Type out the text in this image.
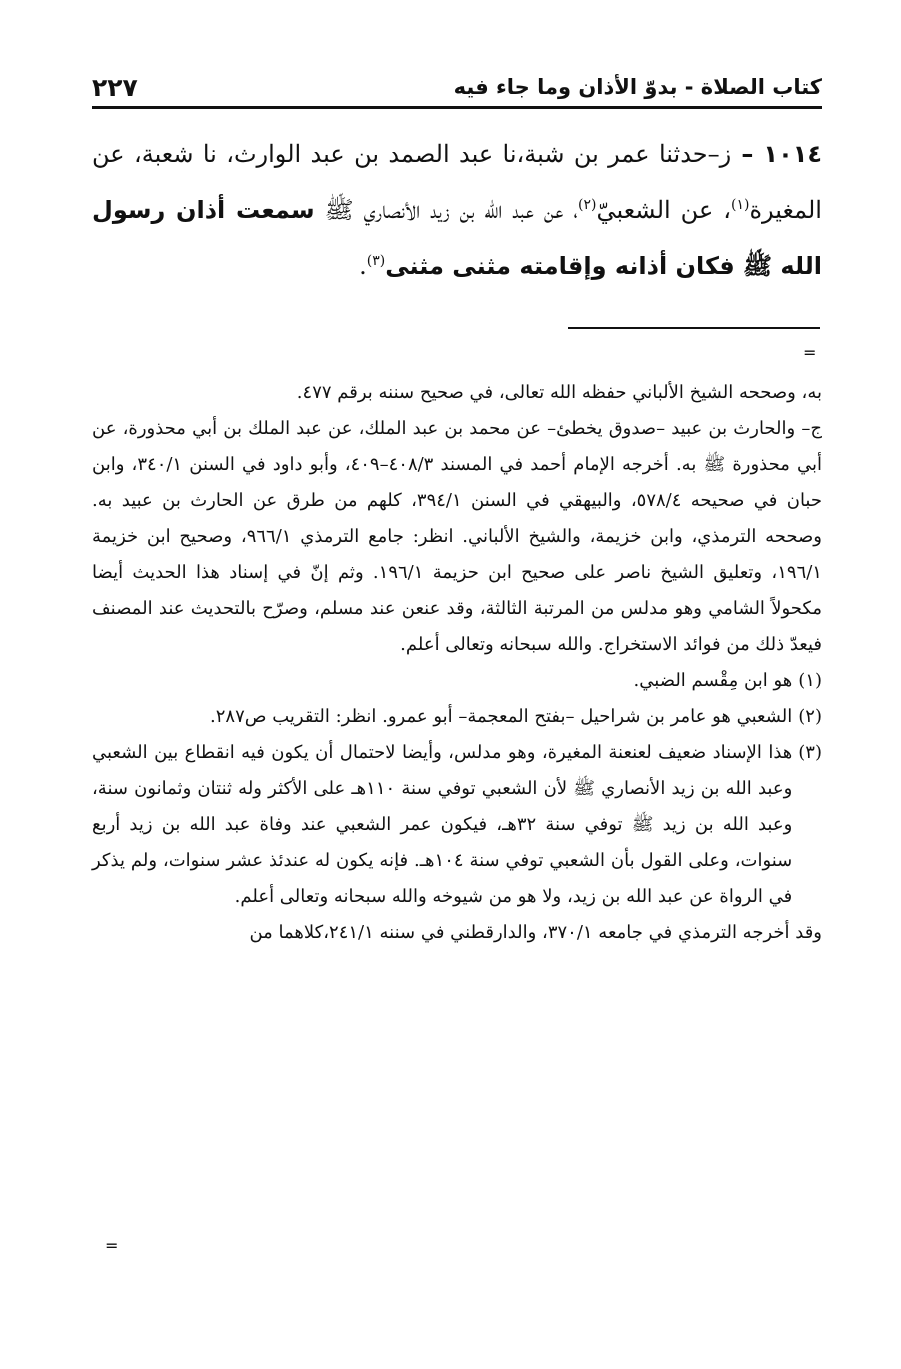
كتاب الصلاة - بدوّ الأذان وما جاء فيه
٢٢٧

١٠١٤ – ز–حدثنا عمر بن شبة،نا عبد الصمد بن عبد الوارث، نا شعبة، عن المغيرة$^{(١)}$، عن الشعبيّ$^{(٢)}$، عن عبد الله بن زيد الأنصاري ﷺ سمعت أذان رسول الله ﷺ فكان أذانه وإقامته مثنى مثنى$^{(٣)}$.

=

به، وصححه الشيخ الألباني حفظه الله تعالى، في صحيح سننه برقم ٤٧٧.

ج– والحارث بن عبيد –صدوق يخطئ– عن محمد بن عبد الملك، عن عبد الملك بن أبي محذورة، عن أبي محذورة ﷺ به. أخرجه الإمام أحمد في المسند ٤٠٨/٣–٤٠٩، وأبو داود في السنن ٣٤٠/١، وابن حبان في صحيحه ٥٧٨/٤، والبيهقي في السنن ٣٩٤/١، كلهم من طرق عن الحارث بن عبيد به. وصححه الترمذي، وابن خزيمة، والشيخ الألباني. انظر: جامع الترمذي ٩٦٦/١، وصحيح ابن خزيمة ١٩٦/١، وتعليق الشيخ ناصر على صحيح ابن حزيمة ١٩٦/١. وثم إنّ في إسناد هذا الحديث أيضا مكحولاً الشامي وهو مدلس من المرتبة الثالثة، وقد عنعن عند مسلم، وصرّح بالتحديث عند المصنف فيعدّ ذلك من فوائد الاستخراج. والله سبحانه وتعالى أعلم.

(١)
هو ابن مِقْسم الضبي.
(٢)
الشعبي هو عامر بن شراحيل –بفتح المعجمة– أبو عمرو. انظر: التقريب ص٢٨٧.
(٣)
هذا الإسناد ضعيف لعنعنة المغيرة، وهو مدلس، وأيضا لاحتمال أن يكون فيه انقطاع بين الشعبي وعبد الله بن زيد الأنصاري ﷺ لأن الشعبي توفي سنة ١١٠هـ على الأكثر وله ثنتان وثمانون سنة، وعبد الله بن زيد ﷺ توفي سنة ٣٢هـ، فيكون عمر الشعبي عند وفاة عبد الله بن زيد أربع سنوات، وعلى القول بأن الشعبي توفي سنة ١٠٤هـ. فإنه يكون له عندئذ عشر سنوات، ولم يذكر في الرواة عن عبد الله بن زيد، ولا هو من شيوخه والله سبحانه وتعالى أعلم.

وقد أخرجه الترمذي في جامعه ٣٧٠/١، والدارقطني في سننه ٢٤١/١،كلاهما من

=
